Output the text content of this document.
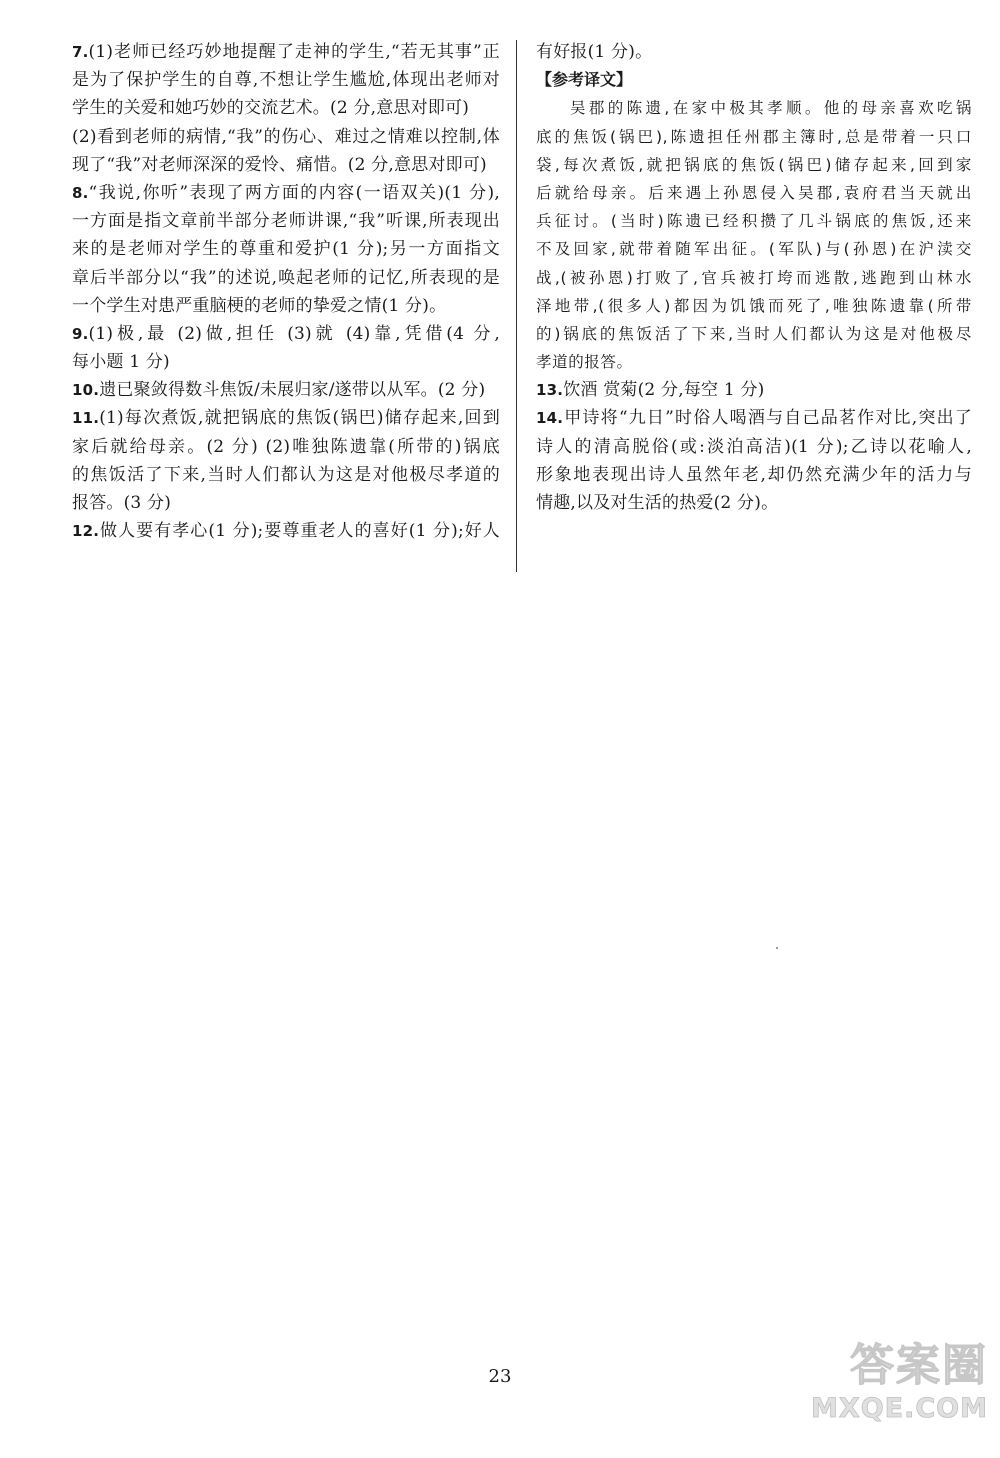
7.(1)老师已经巧妙地提醒了走神的学生,“若无其事”正
是为了保护学生的自尊,不想让学生尴尬,体现出老师对
学生的关爱和她巧妙的交流艺术。(2 分,意思对即可)
(2)看到老师的病情,“我”的伤心、难过之情难以控制,体
现了“我”对老师深深的爱怜、痛惜。(2 分,意思对即可)
8.“我说,你听”表现了两方面的内容(一语双关)(1 分),
一方面是指文章前半部分老师讲课,“我”听课,所表现出
来的是老师对学生的尊重和爱护(1 分);另一方面指文
章后半部分以“我”的述说,唤起老师的记忆,所表现的是
一个学生对患严重脑梗的老师的挚爱之情(1 分)。
9.(1)极,最 (2)做,担任 (3)就 (4)靠,凭借(4 分,
每小题 1 分)
10.遗已聚敛得数斗焦饭/未展归家/遂带以从军。(2 分)
11.(1)每次煮饭,就把锅底的焦饭(锅巴)储存起来,回到
家后就给母亲。(2 分) (2)唯独陈遗靠(所带的)锅底
的焦饭活了下来,当时人们都认为这是对他极尽孝道的
报答。(3 分)
12.做人要有孝心(1 分);要尊重老人的喜好(1 分);好人
有好报(1 分)。
【参考译文】
吴郡的陈遗,在家中极其孝顺。他的母亲喜欢吃锅
底的焦饭(锅巴),陈遗担任州郡主簿时,总是带着一只口
袋,每次煮饭,就把锅底的焦饭(锅巴)储存起来,回到家
后就给母亲。后来遇上孙恩侵入吴郡,袁府君当天就出
兵征讨。(当时)陈遗已经积攒了几斗锅底的焦饭,还来
不及回家,就带着随军出征。(军队)与(孙恩)在沪渎交
战,(被孙恩)打败了,官兵被打垮而逃散,逃跑到山林水
泽地带,(很多人)都因为饥饿而死了,唯独陈遗靠(所带
的)锅底的焦饭活了下来,当时人们都认为这是对他极尽
孝道的报答。
13.饮酒 赏菊(2 分,每空 1 分)
14.甲诗将“九日”时俗人喝酒与自己品茗作对比,突出了
诗人的清高脱俗(或:淡泊高洁)(1 分);乙诗以花喻人,
形象地表现出诗人虽然年老,却仍然充满少年的活力与
情趣,以及对生活的热爱(2 分)。
23	答案圈
MXQE.COM
